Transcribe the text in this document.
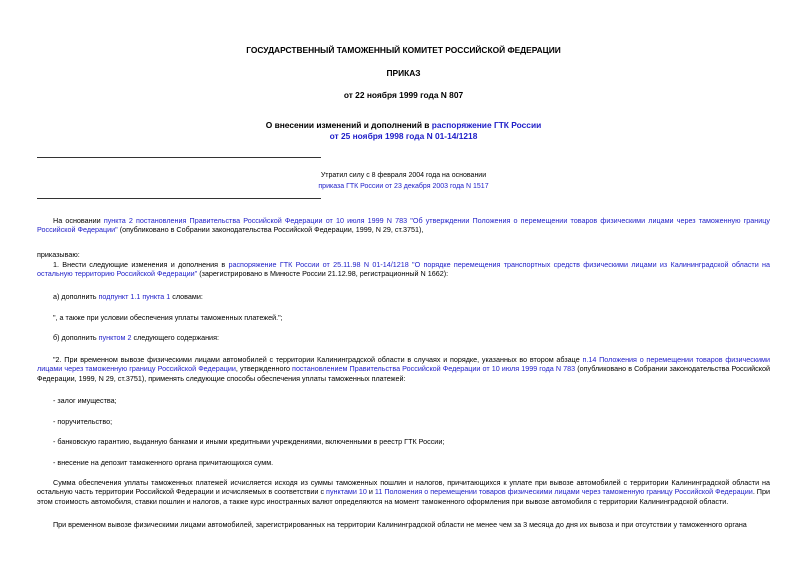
ГОСУДАРСТВЕННЫЙ ТАМОЖЕННЫЙ КОМИТЕТ РОССИЙСКОЙ ФЕДЕРАЦИИ
ПРИКАЗ
от 22 ноября 1999 года N 807
О внесении изменений и дополнений в распоряжение ГТК России
от 25 ноября 1998 года N 01-14/1218
Утратил силу с 8 февраля 2004 года на основании
приказа ГТК России от 23 декабря 2003 года N 1517
На основании пункта 2 постановления Правительства Российской Федерации от 10 июля 1999 N 783 "Об утверждении Положения о перемещении товаров физическими лицами через таможенную границу Российской Федерации" (опубликовано в Собрании законодательства Российской Федерации, 1999, N 29, ст.3751),
приказываю:
1. Внести следующие изменения и дополнения в распоряжение ГТК России от 25.11.98 N 01-14/1218 "О порядке перемещения транспортных средств физическими лицами из Калининградской области на остальную территорию Российской Федерации" (зарегистрировано в Минюсте России 21.12.98, регистрационный N 1662):
а) дополнить подпункт 1.1 пункта 1 словами:
", а также при условии обеспечения уплаты таможенных платежей.";
б) дополнить пунктом 2 следующего содержания:
"2. При временном вывозе физическими лицами автомобилей с территории Калининградской области в случаях и порядке, указанных во втором абзаце п.14 Положения о перемещении товаров физическими лицами через таможенную границу Российской Федерации, утвержденного постановлением Правительства Российской Федерации от 10 июля 1999 года N 783 (опубликовано в Собрании законодательства Российской Федерации, 1999, N 29, ст.3751), применять следующие способы обеспечения уплаты таможенных платежей:
- залог имущества;
- поручительство;
- банковскую гарантию, выданную банками и иными кредитными учреждениями, включенными в реестр ГТК России;
- внесение на депозит таможенного органа причитающихся сумм.
Сумма обеспечения уплаты таможенных платежей исчисляется исходя из суммы таможенных пошлин и налогов, причитающихся к уплате при вывозе автомобилей с территории Калининградской области на остальную часть территории Российской Федерации и исчисляемых в соответствии с пунктами 10 и 11 Положения о перемещении товаров физическими лицами через таможенную границу Российской Федерации. При этом стоимость автомобиля, ставки пошлин и налогов, а также курс иностранных валют определяются на момент таможенного оформления при вывозе автомобиля с территории Калининградской области.
При временном вывозе физическими лицами автомобилей, зарегистрированных на территории Калининградской области не менее чем за 3 месяца до дня их вывоза и при отсутствии у таможенного органа
